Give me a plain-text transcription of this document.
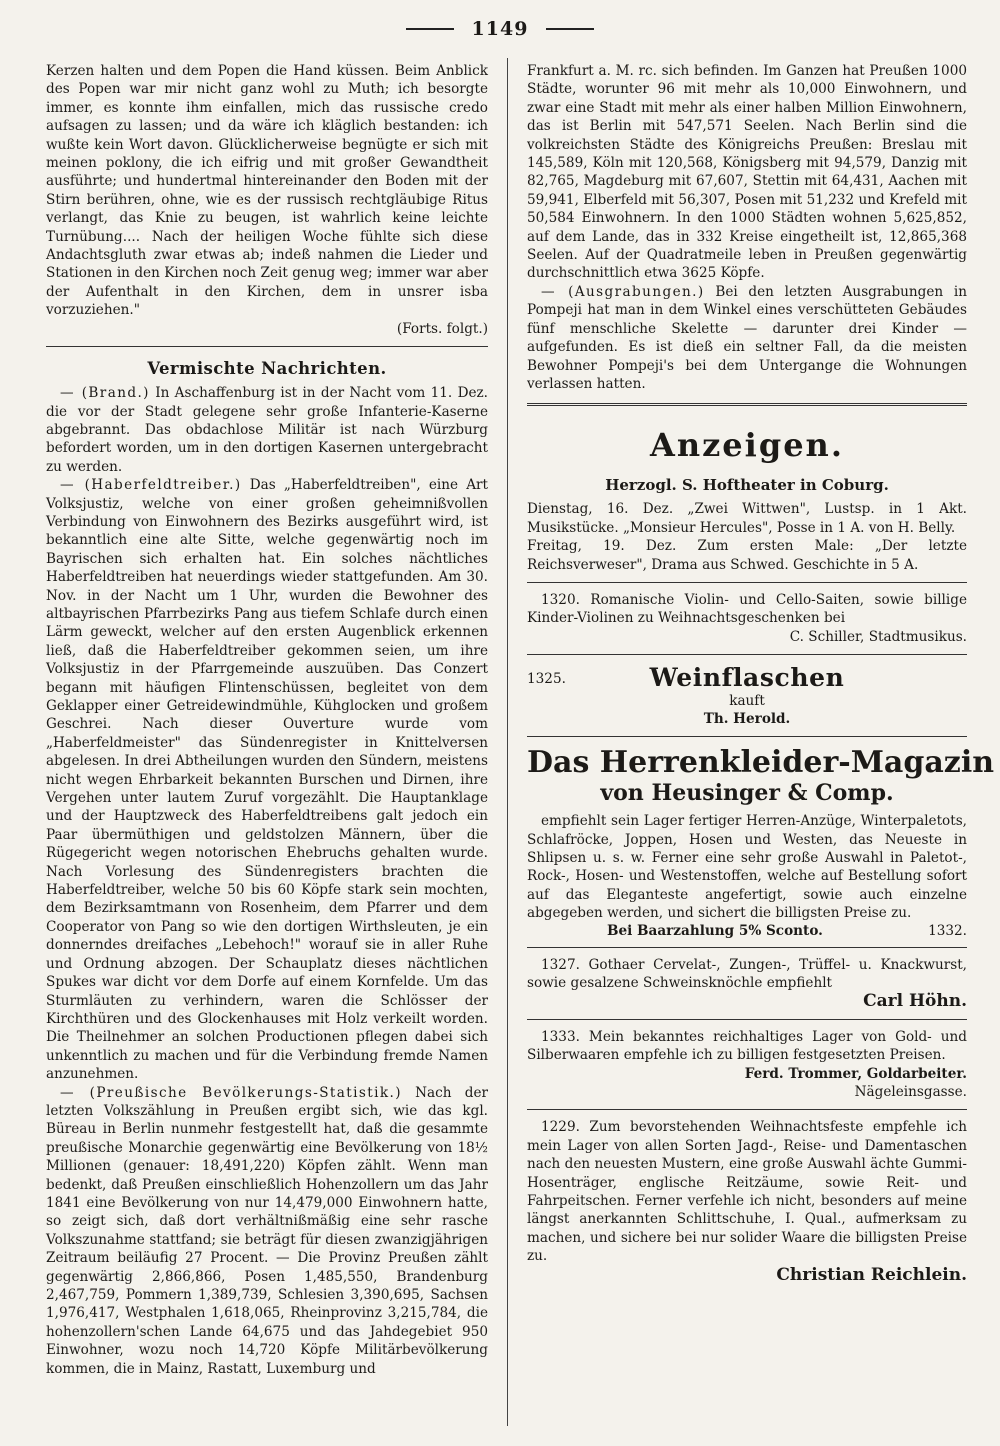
1149

Kerzen halten und dem Popen die Hand küssen. Beim Anblick des Popen war mir nicht ganz wohl zu Muth; ich besorgte immer, es konnte ihm einfallen, mich das russische credo aufsagen zu lassen; und da wäre ich kläglich bestanden: ich wußte kein Wort davon. Glücklicherweise begnügte er sich mit meinen poklony, die ich eifrig und mit großer Gewandtheit ausführte; und hundertmal hintereinander den Boden mit der Stirn berühren, ohne, wie es der russisch rechtgläubige Ritus verlangt, das Knie zu beugen, ist wahrlich keine leichte Turnübung.... Nach der heiligen Woche fühlte sich diese Andachtsgluth zwar etwas ab; indeß nahmen die Lieder und Stationen in den Kirchen noch Zeit genug weg; immer war aber der Aufenthalt in den Kirchen, dem in unsrer isba vorzuziehen."

(Forts. folgt.)

Vermischte Nachrichten.

— (Brand.) In Aschaffenburg ist in der Nacht vom 11. Dez. die vor der Stadt gelegene sehr große Infanterie-Kaserne abgebrannt. Das obdachlose Militär ist nach Würzburg befordert worden, um in den dortigen Kasernen untergebracht zu werden.

— (Haberfeldtreiber.) Das „Haberfeldtreiben", eine Art Volksjustiz, welche von einer großen geheimnißvollen Verbindung von Einwohnern des Bezirks ausgeführt wird, ist bekanntlich eine alte Sitte, welche gegenwärtig noch im Bayrischen sich erhalten hat. Ein solches nächtliches Haberfeldtreiben hat neuerdings wieder stattgefunden. Am 30. Nov. in der Nacht um 1 Uhr, wurden die Bewohner des altbayrischen Pfarrbezirks Pang aus tiefem Schlafe durch einen Lärm geweckt, welcher auf den ersten Augenblick erkennen ließ, daß die Haberfeldtreiber gekommen seien, um ihre Volksjustiz in der Pfarrgemeinde auszuüben. Das Conzert begann mit häufigen Flintenschüssen, begleitet von dem Geklapper einer Getreidewindmühle, Kühglocken und großem Geschrei. Nach dieser Ouverture wurde vom „Haberfeldmeister" das Sündenregister in Knittelversen abgelesen. In drei Abtheilungen wurden den Sündern, meistens nicht wegen Ehrbarkeit bekannten Burschen und Dirnen, ihre Vergehen unter lautem Zuruf vorgezählt. Die Hauptanklage und der Hauptzweck des Haberfeldtreibens galt jedoch ein Paar übermüthigen und geldstolzen Männern, über die Rügegericht wegen notorischen Ehebruchs gehalten wurde. Nach Vorlesung des Sündenregisters brachten die Haberfeldtreiber, welche 50 bis 60 Köpfe stark sein mochten, dem Bezirksamtmann von Rosenheim, dem Pfarrer und dem Cooperator von Pang so wie den dortigen Wirthsleuten, je ein donnerndes dreifaches „Lebehoch!" worauf sie in aller Ruhe und Ordnung abzogen. Der Schauplatz dieses nächtlichen Spukes war dicht vor dem Dorfe auf einem Kornfelde. Um das Sturmläuten zu verhindern, waren die Schlösser der Kirchthüren und des Glockenhauses mit Holz verkeilt worden. Die Theilnehmer an solchen Productionen pflegen dabei sich unkenntlich zu machen und für die Verbindung fremde Namen anzunehmen.

— (Preußische Bevölkerungs-Statistik.) Nach der letzten Volkszählung in Preußen ergibt sich, wie das kgl. Büreau in Berlin nunmehr festgestellt hat, daß die gesammte preußische Monarchie gegenwärtig eine Bevölkerung von 18½ Millionen (genauer: 18,491,220) Köpfen zählt. Wenn man bedenkt, daß Preußen einschließlich Hohenzollern um das Jahr 1841 eine Bevölkerung von nur 14,479,000 Einwohnern hatte, so zeigt sich, daß dort verhältnißmäßig eine sehr rasche Volkszunahme stattfand; sie beträgt für diesen zwanzigjährigen Zeitraum beiläufig 27 Procent. — Die Provinz Preußen zählt gegenwärtig 2,866,866, Posen 1,485,550, Brandenburg 2,467,759, Pommern 1,389,739, Schlesien 3,390,695, Sachsen 1,976,417, Westphalen 1,618,065, Rheinprovinz 3,215,784, die hohenzollern'schen Lande 64,675 und das Jahdegebiet 950 Einwohner, wozu noch 14,720 Köpfe Militärbevölkerung kommen, die in Mainz, Rastatt, Luxemburg und

Frankfurt a. M. rc. sich befinden. Im Ganzen hat Preußen 1000 Städte, worunter 96 mit mehr als 10,000 Einwohnern, und zwar eine Stadt mit mehr als einer halben Million Einwohnern, das ist Berlin mit 547,571 Seelen. Nach Berlin sind die volkreichsten Städte des Königreichs Preußen: Breslau mit 145,589, Köln mit 120,568, Königsberg mit 94,579, Danzig mit 82,765, Magdeburg mit 67,607, Stettin mit 64,431, Aachen mit 59,941, Elberfeld mit 56,307, Posen mit 51,232 und Krefeld mit 50,584 Einwohnern. In den 1000 Städten wohnen 5,625,852, auf dem Lande, das in 332 Kreise eingetheilt ist, 12,865,368 Seelen. Auf der Quadratmeile leben in Preußen gegenwärtig durchschnittlich etwa 3625 Köpfe.

— (Ausgrabungen.) Bei den letzten Ausgrabungen in Pompeji hat man in dem Winkel eines verschütteten Gebäudes fünf menschliche Skelette — darunter drei Kinder — aufgefunden. Es ist dieß ein seltner Fall, da die meisten Bewohner Pompeji's bei dem Untergange die Wohnungen verlassen hatten.

Anzeigen.
Herzogl. S. Hoftheater in Coburg.

Dienstag, 16. Dez. „Zwei Wittwen", Lustsp. in 1 Akt. Musikstücke. „Monsieur Hercules", Posse in 1 A. von H. Belly.

Freitag, 19. Dez. Zum ersten Male: „Der letzte Reichsverweser", Drama aus Schwed. Geschichte in 5 A.

1320. Romanische Violin- und Cello-Saiten, sowie billige Kinder-Violinen zu Weihnachtsgeschenken bei

C. Schiller, Stadtmusikus.

1325.	Weinflaschen
kauft
Th. Herold.
Das Herrenkleider-Magazin
von Heusinger & Comp.

empfiehlt sein Lager fertiger Herren-Anzüge, Winterpaletots, Schlafröcke, Joppen, Hosen und Westen, das Neueste in Shlipsen u. s. w. Ferner eine sehr große Auswahl in Paletot-, Rock-, Hosen- und Westenstoffen, welche auf Bestellung sofort auf das Eleganteste angefertigt, sowie auch einzelne abgegeben werden, und sichert die billigsten Preise zu.

Bei Baarzahlung 5% Sconto.	1332.

1327. Gothaer Cervelat-, Zungen-, Trüffel- u. Knackwurst, sowie gesalzene Schweinsknöchle empfiehlt

Carl Höhn.

1333. Mein bekanntes reichhaltiges Lager von Gold- und Silberwaaren empfehle ich zu billigen festgesetzten Preisen.

Ferd. Trommer, Goldarbeiter.

Nägeleinsgasse.

1229. Zum bevorstehenden Weihnachtsfeste empfehle ich mein Lager von allen Sorten Jagd-, Reise- und Damentaschen nach den neuesten Mustern, eine große Auswahl ächte Gummi-Hosenträger, englische Reitzäume, sowie Reit- und Fahrpeitschen. Ferner verfehle ich nicht, besonders auf meine längst anerkannten Schlittschuhe, I. Qual., aufmerksam zu machen, und sichere bei nur solider Waare die billigsten Preise zu.

Christian Reichlein.
